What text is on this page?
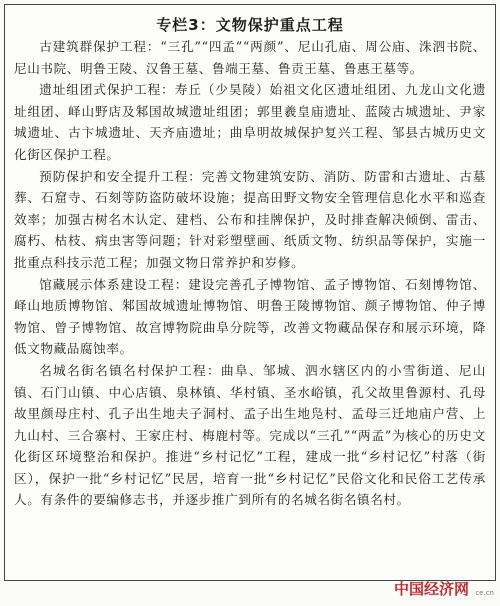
专栏3：文物保护重点工程

古建筑群保护工程：“三孔”“四孟”“两颜”、尼山孔庙、周公庙、洙泗书院、尼山书院、明鲁王陵、汉鲁王墓、鲁端王墓、鲁贡王墓、鲁惠王墓等。

遗址组团式保护工程：寿丘（少昊陵）始祖文化区遗址组团、九龙山文化遗址组团、峄山野店及邾国故城遗址组团；郭里羲皇庙遗址、蓝陵古城遗址、尹家城遗址、古卞城遗址、天齐庙遗址；曲阜明故城保护复兴工程、邹县古城历史文化街区保护工程。

预防保护和安全提升工程：完善文物建筑安防、消防、防雷和古遗址、古墓葬、石窟寺、石刻等防盗防破坏设施；提高田野文物安全管理信息化水平和巡查效率；加强古树名木认定、建档、公布和挂牌保护，及时排查解决倾倒、雷击、腐朽、枯枝、病虫害等问题；针对彩塑壁画、纸质文物、纺织品等保护，实施一批重点科技示范工程；加强文物日常养护和岁修。

馆藏展示体系建设工程：建设完善孔子博物馆、孟子博物馆、石刻博物馆、峄山地质博物馆、邾国故城遗址博物馆、明鲁王陵博物馆、颜子博物馆、仲子博物馆、曾子博物馆、故宫博物院曲阜分院等，改善文物藏品保存和展示环境，降低文物藏品腐蚀率。

名城名街名镇名村保护工程：曲阜、邹城、泗水辖区内的小雪街道、尼山镇、石门山镇、中心店镇、泉林镇、华村镇、圣水峪镇，孔父故里鲁源村、孔母故里颜母庄村、孔子出生地夫子洞村、孟子出生地凫村、孟母三迁地庙户营、上九山村、三合寨村、王家庄村、梅鹿村等。完成以“三孔”“两孟”为核心的历史文化街区环境整治和保护。推进“乡村记忆”工程，建成一批“乡村记忆”村落（街区），保护一批“乡村记忆”民居，培育一批“乡村记忆”民俗文化和民俗工艺传承人。有条件的要编修志书，并逐步推广到所有的名城名街名镇名村。

中国经济网 ce.cn
